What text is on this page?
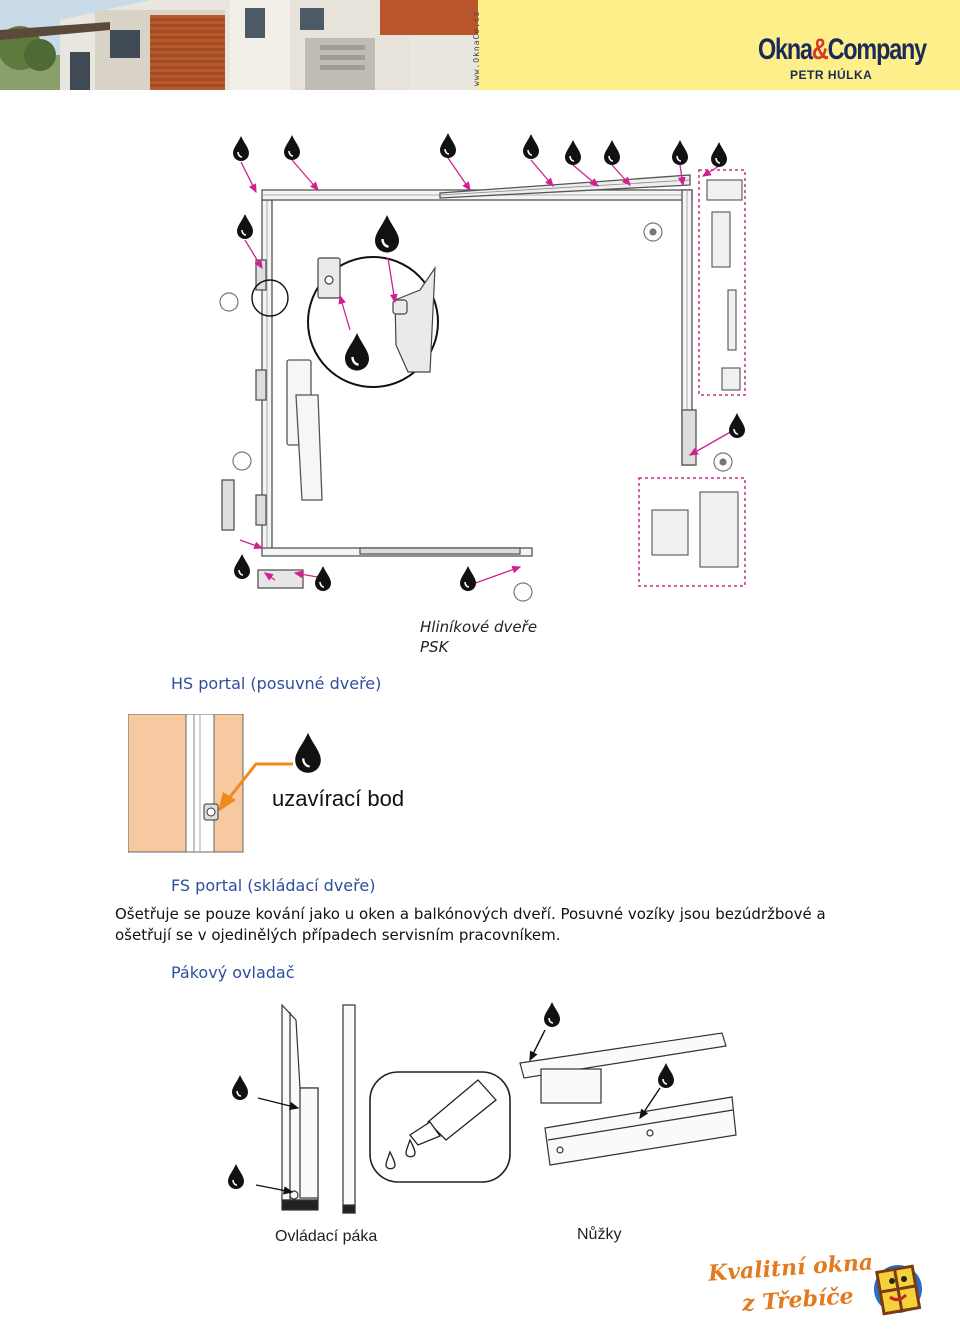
www.OknaCo.cz	Okna&Company
PETR HÚLKA
Hliníkové dveře
PSK
HS portal (posuvné dveře)
uzavírací bod
FS portal (skládací dveře)
Ošetřuje se pouze kování jako u oken a balkónových dveří. Posuvné vozíky jsou bezúdržbové a
ošetřují se v ojedinělých případech servisním pracovníkem.
Pákový ovladač
Ovládací páka	Nůžky
Kvalitní okna
z Třebíče
